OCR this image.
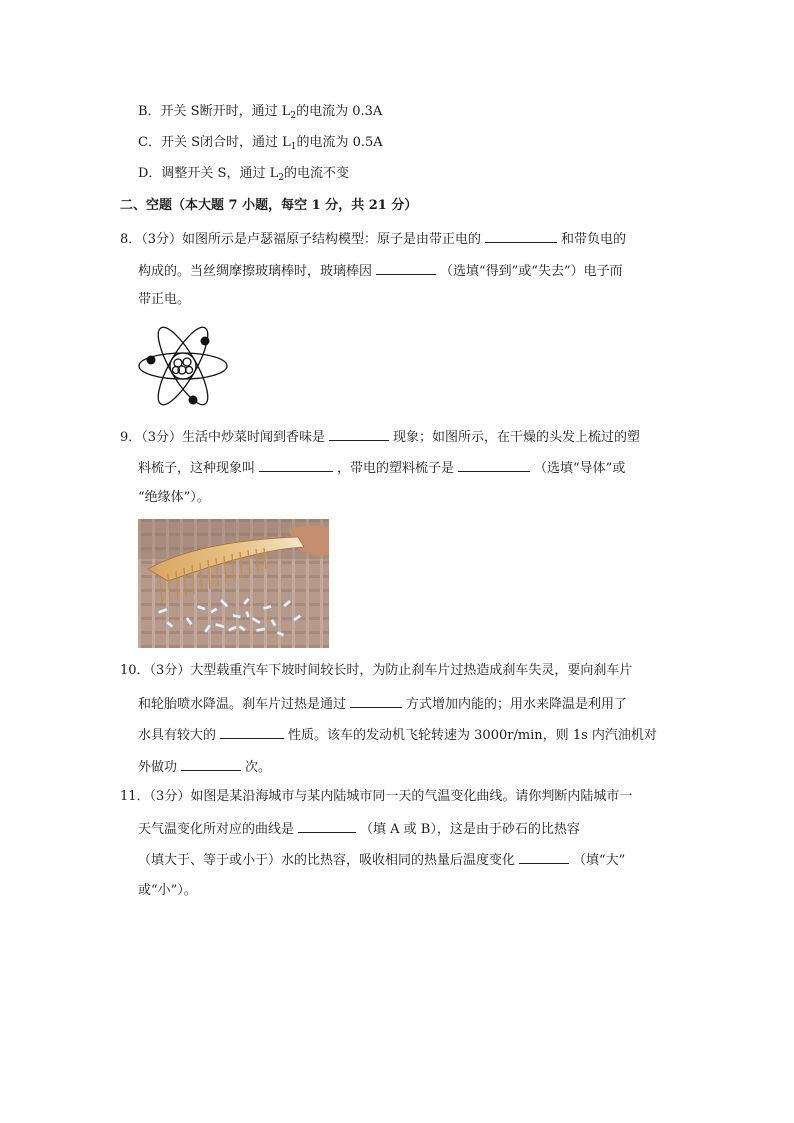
B．开关 S断开时，通过 $L_2$的电流为 0.3A
C．开关 S闭合时，通过 $L_1$的电流为 0.5A
D．调整开关 S，通过 $L_2$的电流不变
二、空题（本大题 7 小题，每空 1 分，共 21 分）
8．（3分）如图所示是卢瑟福原子结构模型：原子是由带正电的	和带负电的
构成的。当丝绸摩擦玻璃棒时，玻璃棒因	（选填“得到”或“失去”）电子而
带正电。
9．（3分）生活中炒菜时闻到香味是	现象；如图所示，在干燥的头发上梳过的塑
料梳子，这种现象叫	，带电的塑料梳子是	（选填“导体”或
“绝缘体”）。
10．（3分）大型载重汽车下坡时间较长时，为防止刹车片过热造成刹车失灵，要向刹车片
和轮胎喷水降温。刹车片过热是通过	方式增加内能的；用水来降温是利用了
水具有较大的	性质。该车的发动机飞轮转速为 3000r/min，则 1s 内汽油机对
外做功	次。
11．（3分）如图是某沿海城市与某内陆城市同一天的气温变化曲线。请你判断内陆城市一
天气温变化所对应的曲线是	（填 A 或 B），这是由于砂石的比热容
（填大于、等于或小于）水的比热容，吸收相同的热量后温度变化	（填“大”
或“小”）。
